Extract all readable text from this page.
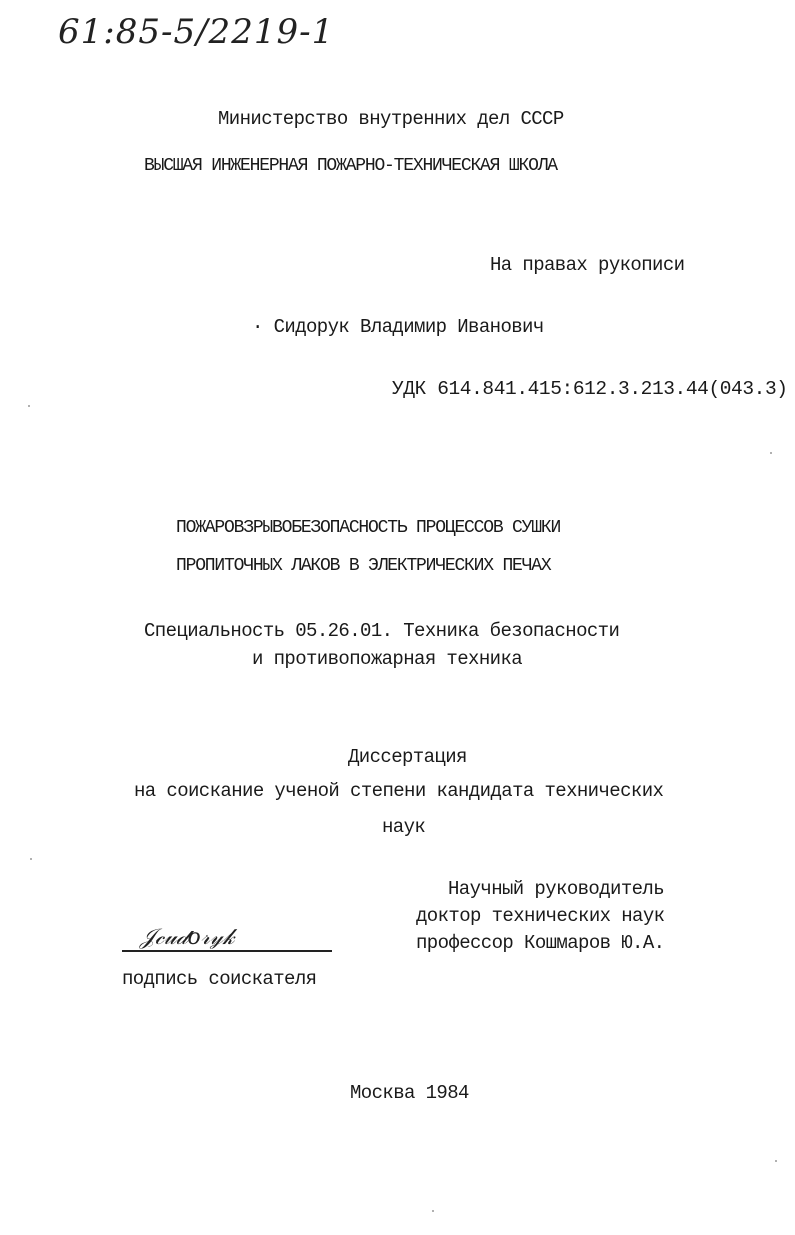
61:85-5/2219-1
Министерство внутренних дел СССР
ВЫСШАЯ ИНЖЕНЕРНАЯ ПОЖАРНО-ТЕХНИЧЕСКАЯ ШКОЛА
На правах рукописи
· Сидорук Владимир Иванович
УДК 614.841.415:612.3.213.44(043.3)
ПОЖАРОВЗРЫВОБЕЗОПАСНОСТЬ ПРОЦЕССОВ СУШКИ
ПРОПИТОЧНЫХ ЛАКОВ В ЭЛЕКТРИЧЕСКИХ ПЕЧАХ
Специальность 05.26.01. Техника безопасности
и противопожарная техника
Диссертация
на соискание ученой степени кандидата технических
наук
Научный руководитель
доктор технических наук
профессор Кошмаров Ю.А.
𝒥𝒸𝓊𝒹𝑜𝓇𝓎𝓀
подпись соискателя
Москва 1984
